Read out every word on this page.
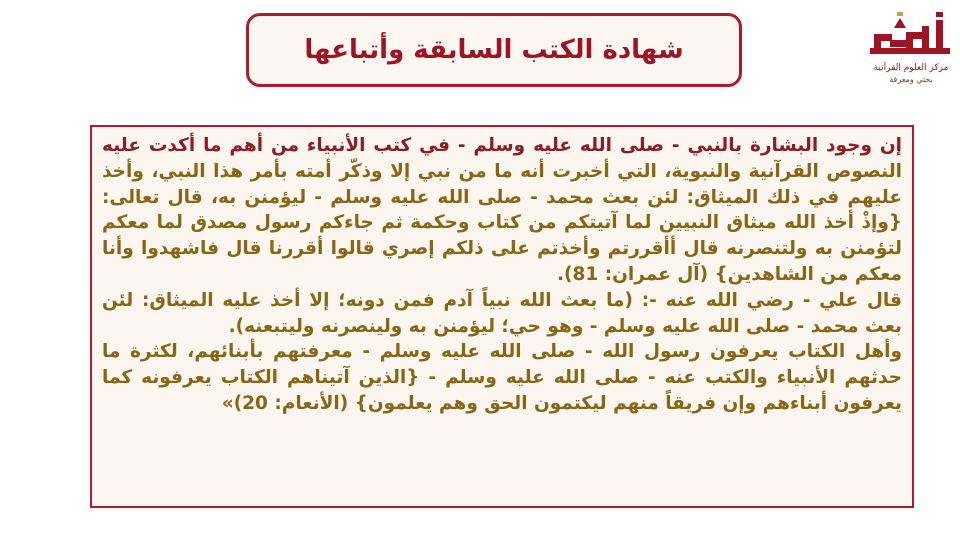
شهادة الكتب السابقة وأتباعها
مركز العلوم القرآنية
بحثي ومعرفة

إن وجود البشارة بالنبي - صلى الله عليه وسلم - في كتب الأنبياء من أهم ما أكدت عليه النصوص القرآنية والنبوية، التي أخبرت أنه ما من نبي إلا وذكّر أمته بأمر هذا النبي، وأخذ عليهم في ذلك الميثاق: لئن بعث محمد - صلى الله عليه وسلم - ليؤمنن به، قال تعالى: {وإذْ أخذ الله ميثاق النبيين لما آتيتكم من كتاب وحكمة ثم جاءكم رسول مصدق لما معكم لتؤمنن به ولتنصرنه قال أأقررتم وأخذتم على ذلكم إصري قالوا أقررنا قال فاشهدوا وأنا معكم من الشاهدين} (آل عمران: 81).

قال علي - رضي الله عنه -: (ما بعث الله نبياً آدم فمن دونه؛ إلا أخذ عليه الميثاق: لئن بعث محمد - صلى الله عليه وسلم - وهو حي؛ ليؤمنن به ولينصرنه وليتبعنه).

وأهل الكتاب يعرفون رسول الله - صلى الله عليه وسلم - معرفتهم بأبنائهم، لكثرة ما حدثهم الأنبياء والكتب عنه - صلى الله عليه وسلم - {الذين آتيناهم الكتاب يعرفونه كما يعرفون أبناءهم وإن فريقاً منهم ليكتمون الحق وهم يعلمون} (الأنعام: 20)»
